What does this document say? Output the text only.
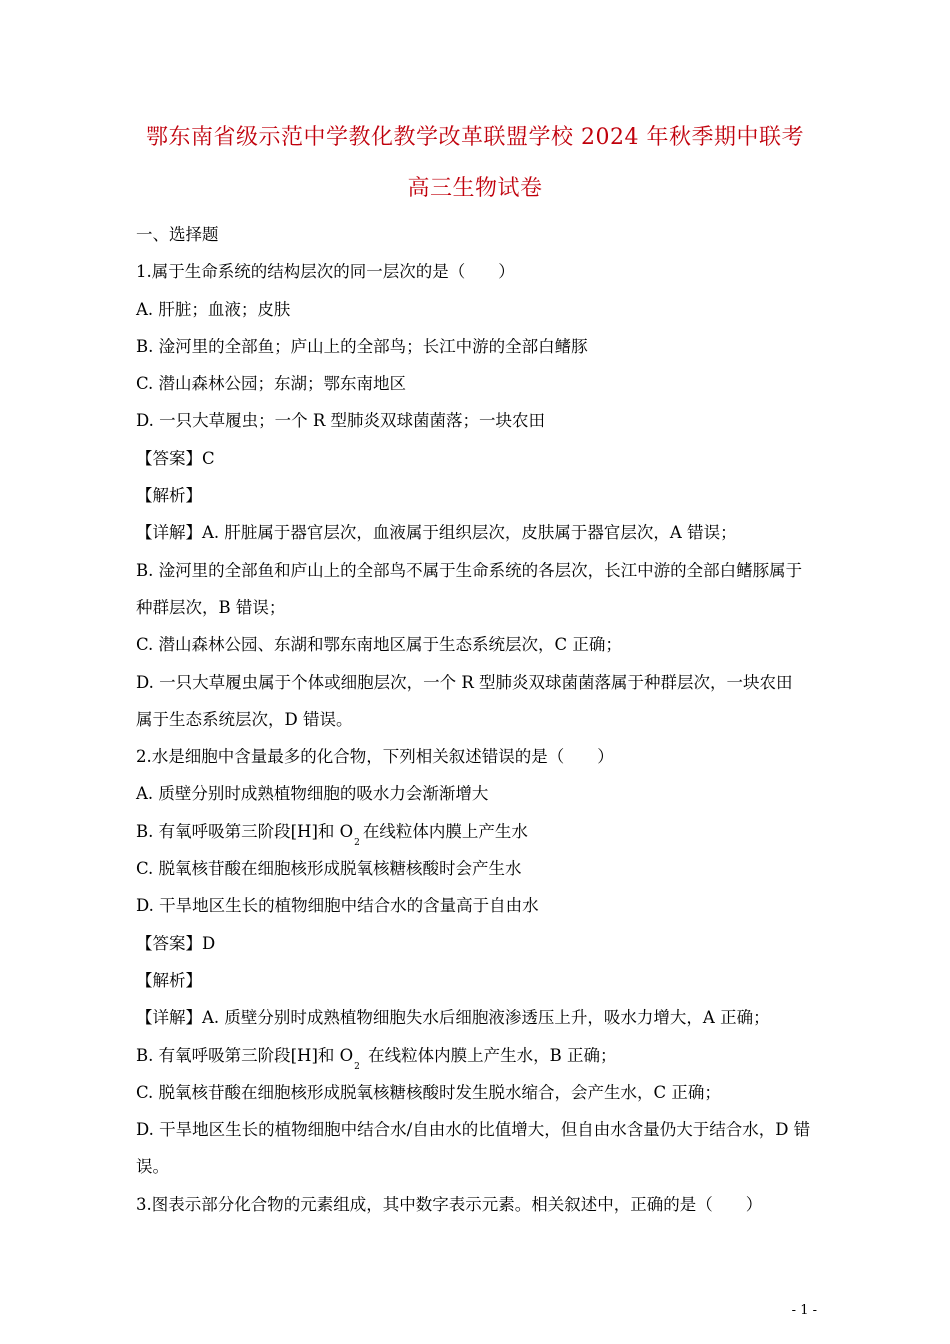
鄂东南省级示范中学教化教学改革联盟学校 2024 年秋季期中联考
高三生物试卷
一、选择题
1.属于生命系统的结构层次的同一层次的是（　　）
A. 肝脏；血液；皮肤
B. 淦河里的全部鱼；庐山上的全部鸟；长江中游的全部白鳍豚
C. 潜山森林公园；东湖；鄂东南地区
D. 一只大草履虫；一个 R 型肺炎双球菌菌落；一块农田
【答案】C
【解析】
【详解】A. 肝脏属于器官层次，血液属于组织层次，皮肤属于器官层次，A 错误；
B. 淦河里的全部鱼和庐山上的全部鸟不属于生命系统的各层次，长江中游的全部白鳍豚属于
种群层次，B 错误；
C. 潜山森林公园、东湖和鄂东南地区属于生态系统层次，C 正确；
D. 一只大草履虫属于个体或细胞层次，一个 R 型肺炎双球菌菌落属于种群层次，一块农田
属于生态系统层次，D 错误。
2.水是细胞中含量最多的化合物，下列相关叙述错误的是（　　）
A. 质壁分别时成熟植物细胞的吸水力会渐渐增大
B. 有氧呼吸第三阶段[H]和 $O_2$在线粒体内膜上产生水
C. 脱氧核苷酸在细胞核形成脱氧核糖核酸时会产生水
D. 干旱地区生长的植物细胞中结合水的含量高于自由水
【答案】D
【解析】
【详解】A. 质壁分别时成熟植物细胞失水后细胞液渗透压上升，吸水力增大，A 正确；
B. 有氧呼吸第三阶段[H]和 $O_2$ 在线粒体内膜上产生水，B 正确；
C. 脱氧核苷酸在细胞核形成脱氧核糖核酸时发生脱水缩合，会产生水，C 正确；
D. 干旱地区生长的植物细胞中结合水/自由水的比值增大，但自由水含量仍大于结合水，D 错
误。
3.图表示部分化合物的元素组成，其中数字表示元素。相关叙述中，正确的是（　　）
- 1 -
